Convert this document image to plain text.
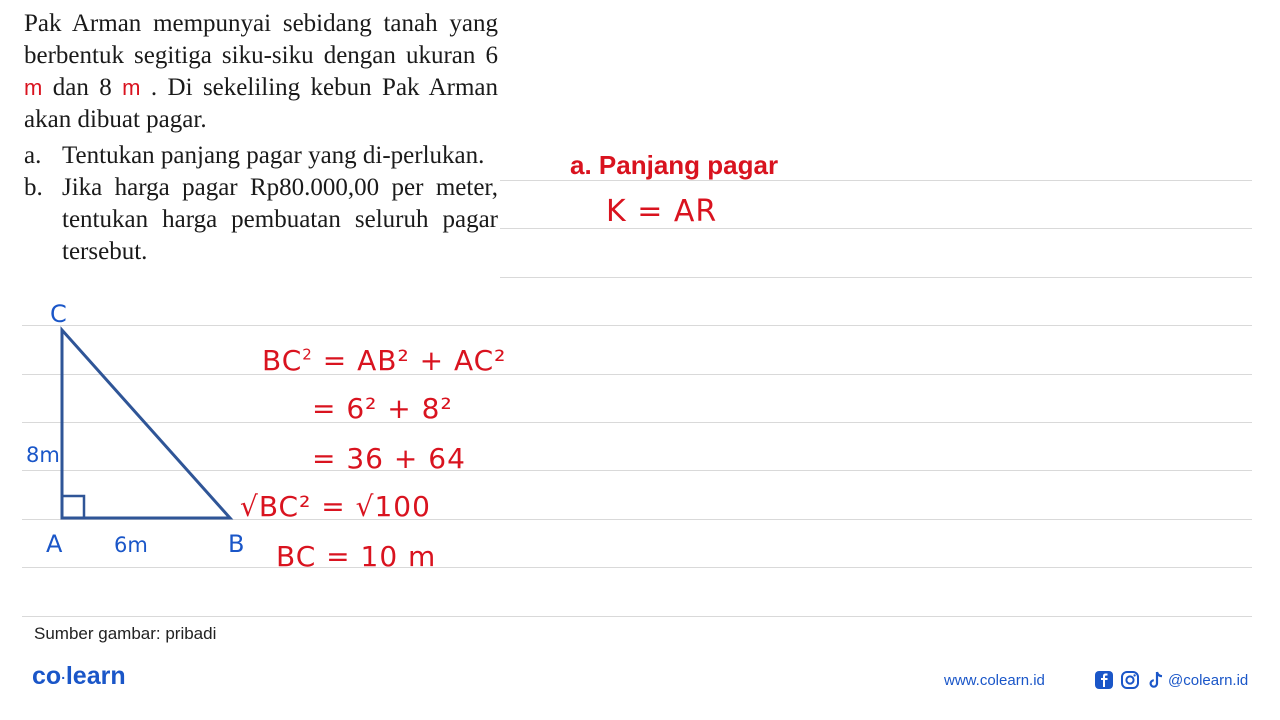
Pak Arman mempunyai sebidang tanah yang berbentuk segitiga siku-siku dengan ukuran 6 m dan 8 m . Di sekeliling kebun Pak Arman akan dibuat pagar.

a. Tentukan panjang pagar yang di-perlukan.
b. Jika harga pagar Rp80.000,00 per meter, tentukan harga pembuatan seluruh pagar tersebut.
a. Panjang pagar
C
A	B
8m
6m
K = AR
$BC^2 = AB^2 + AC^2$
= 6² + 8²
= 36 + 64
√BC² = √100
BC = 10 m
Sumber gambar: pribadi
co·learn	www.colearn.id	@colearn.id
